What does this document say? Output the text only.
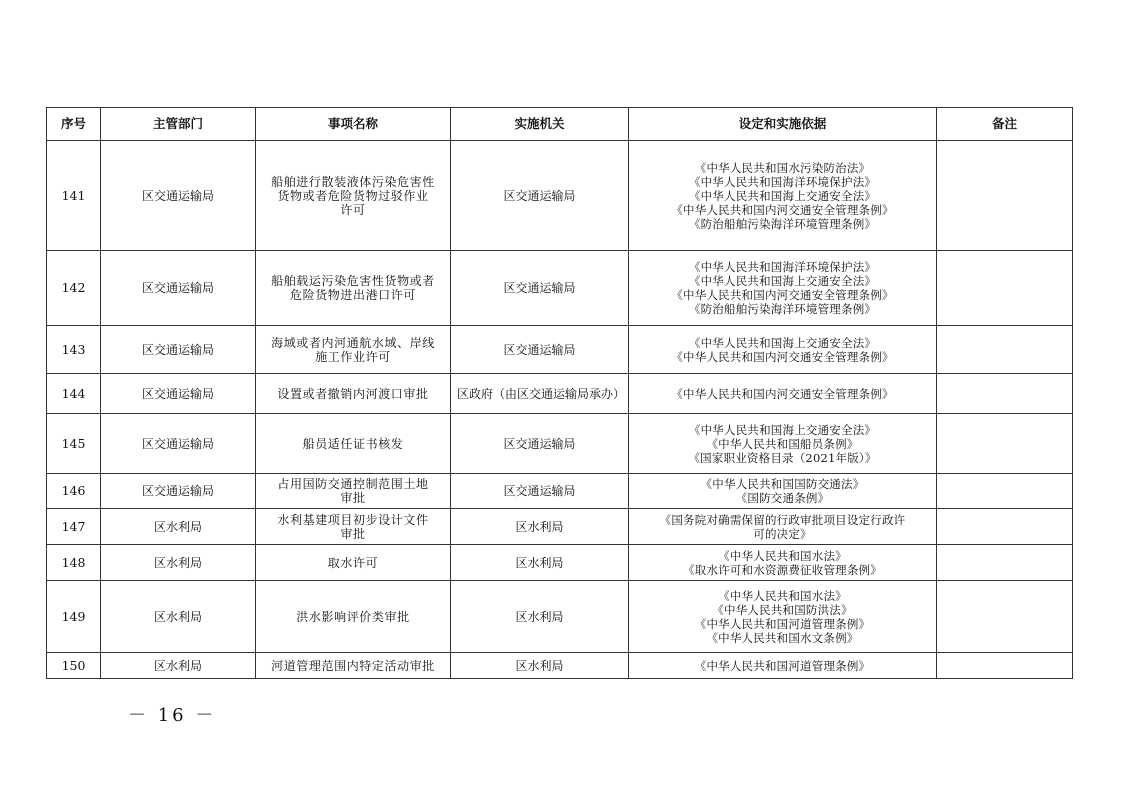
序号	主管部门	事项名称	实施机关	设定和实施依据	备注
141	区交通运输局	船舶进行散装液体污染危害性
货物或者危险货物过驳作业
许可	区交通运输局	《中华人民共和国水污染防治法》
《中华人民共和国海洋环境保护法》
《中华人民共和国海上交通安全法》
《中华人民共和国内河交通安全管理条例》
《防治船舶污染海洋环境管理条例》	

142	区交通运输局	船舶载运污染危害性货物或者
危险货物进出港口许可	区交通运输局	《中华人民共和国海洋环境保护法》
《中华人民共和国海上交通安全法》
《中华人民共和国内河交通安全管理条例》
《防治船舶污染海洋环境管理条例》	

143	区交通运输局	海域或者内河通航水域、岸线
施工作业许可	区交通运输局	《中华人民共和国海上交通安全法》
《中华人民共和国内河交通安全管理条例》	

144	区交通运输局	设置或者撤销内河渡口审批	区政府（由区交通运输局承办）	《中华人民共和国内河交通安全管理条例》	

145	区交通运输局	船员适任证书核发	区交通运输局	《中华人民共和国海上交通安全法》
《中华人民共和国船员条例》
《国家职业资格目录（2021年版）》	

146	区交通运输局	占用国防交通控制范围土地
审批	区交通运输局	《中华人民共和国国防交通法》
《国防交通条例》	

147	区水利局	水利基建项目初步设计文件
审批	区水利局	《国务院对确需保留的行政审批项目设定行政许
可的决定》	

148	区水利局	取水许可	区水利局	《中华人民共和国水法》
《取水许可和水资源费征收管理条例》	

149	区水利局	洪水影响评价类审批	区水利局	《中华人民共和国水法》
《中华人民共和国防洪法》
《中华人民共和国河道管理条例》
《中华人民共和国水文条例》	

150	区水利局	河道管理范围内特定活动审批	区水利局	《中华人民共和国河道管理条例》	

－ 16 －
